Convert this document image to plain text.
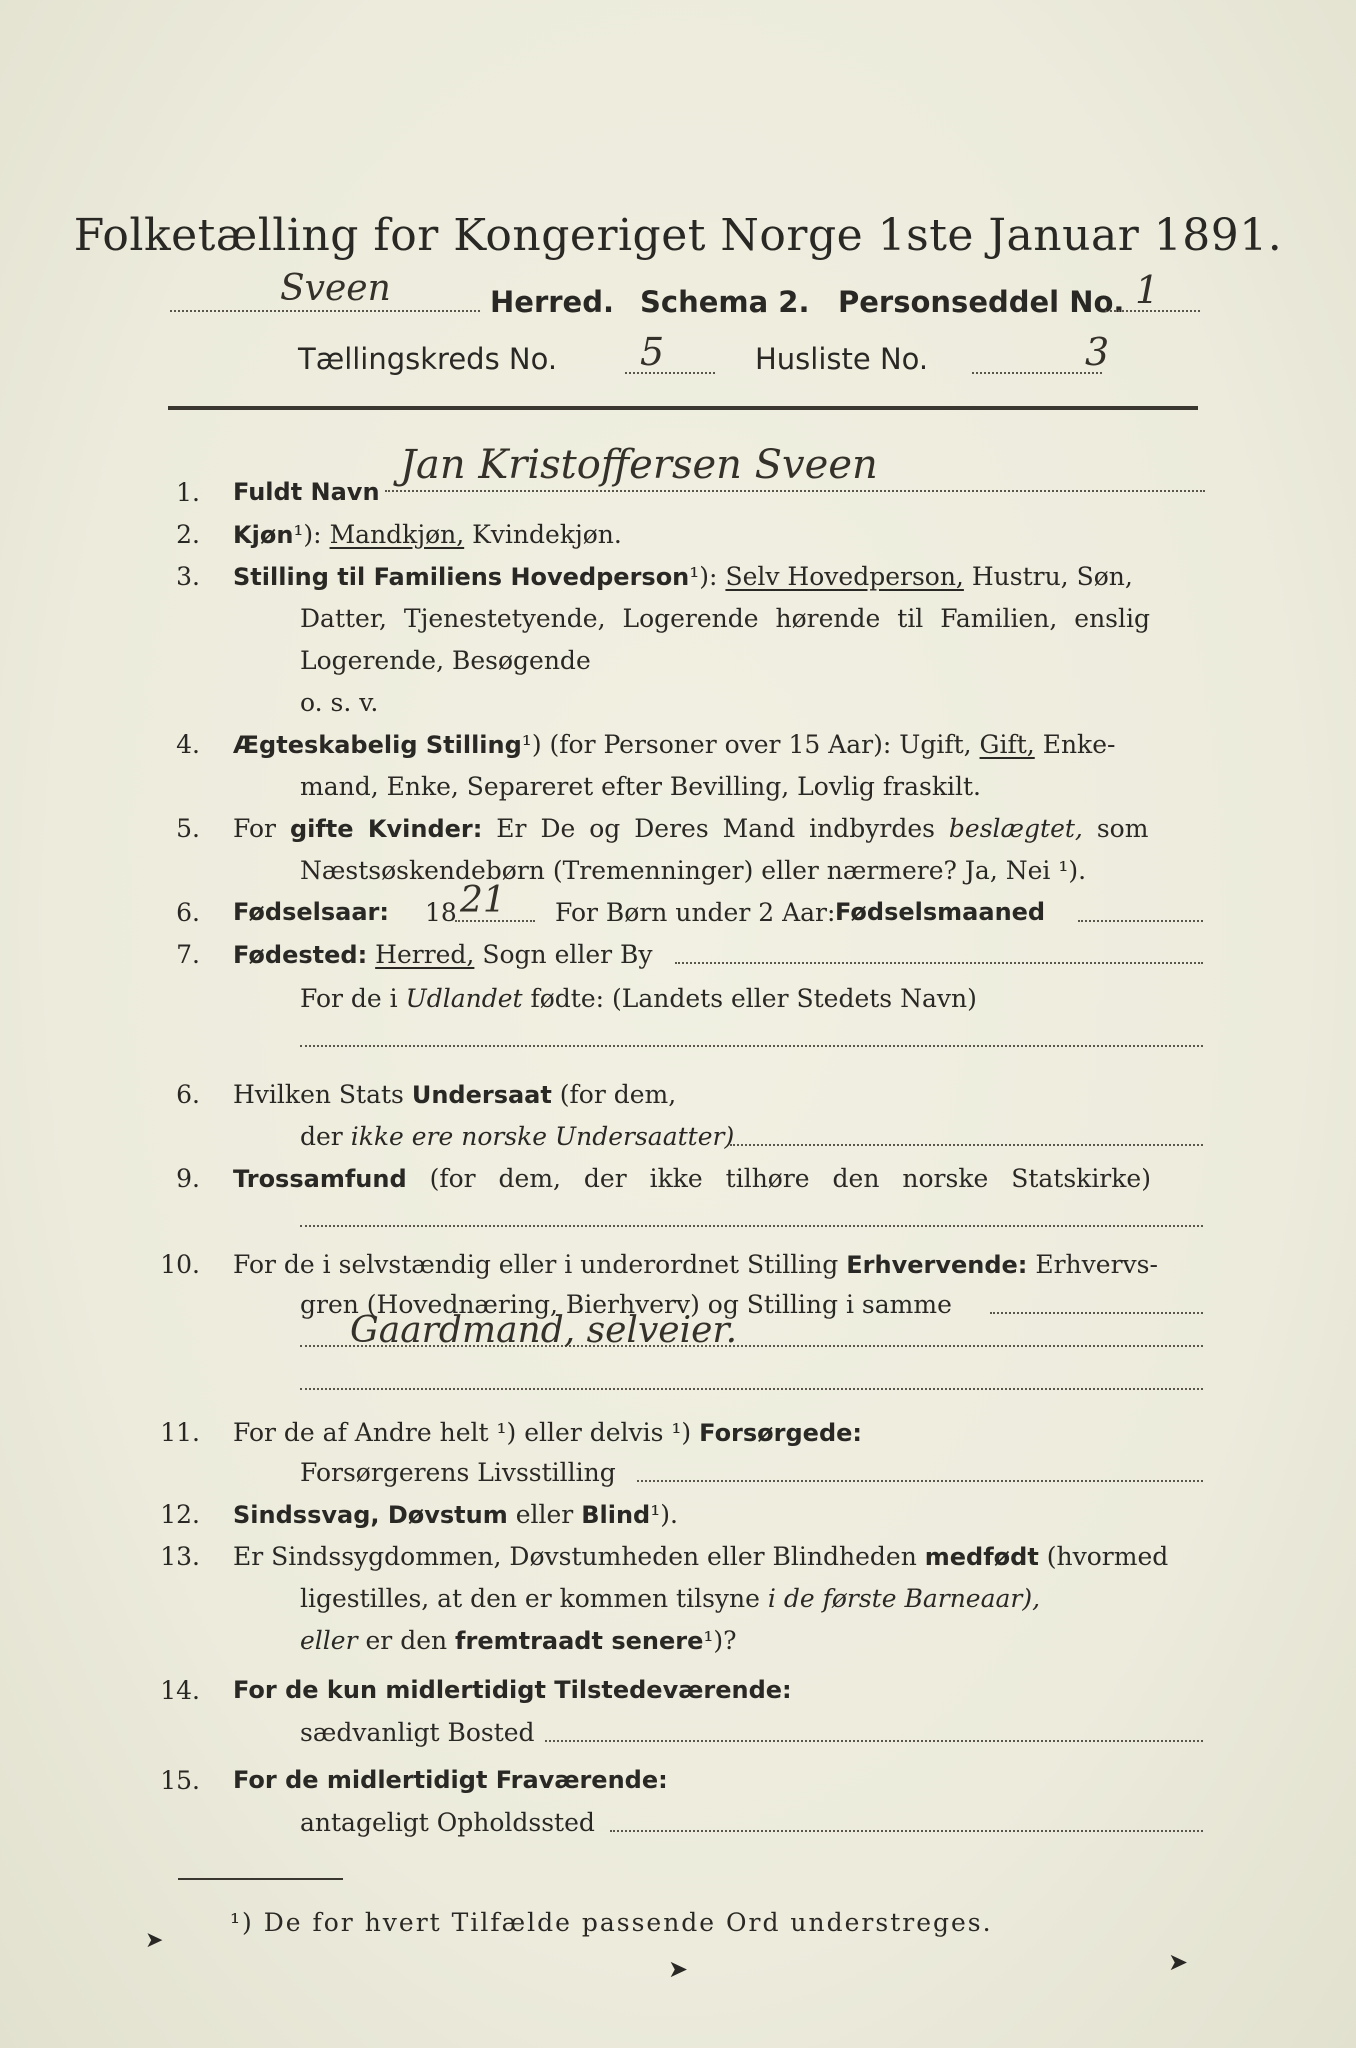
Folketælling for Kongeriget Norge 1ste Januar 1891.
Sveen	Herred. Schema 2. Personseddel No. 1
Tællingskreds No. 5	Husliste No.	3
1. Fuldt Navn
Jan Kristoffersen Sveen
2. Kjøn¹): Mandkjøn, Kvindekjøn.
3. Stilling til Familiens Hovedperson¹): Selv Hovedperson, Hustru, Søn,
Datter, Tjenestetyende, Logerende hørende til Familien, enslig
Logerende, Besøgende
o. s. v.
4. Ægteskabelig Stilling¹) (for Personer over 15 Aar): Ugift, Gift, Enke-
mand, Enke, Separeret efter Bevilling, Lovlig fraskilt.
5. For gifte Kvinder: Er De og Deres Mand indbyrdes beslægtet, som
Næstsøskendebørn (Tremenninger) eller nærmere? Ja, Nei ¹).
6. Fødselsaar: 18 21 For Børn under 2 Aar: Fødselsmaaned
7. Fødested: Herred, Sogn eller By
For de i Udlandet fødte: (Landets eller Stedets Navn)
6. Hvilken Stats Undersaat (for dem,
der ikke ere norske Undersaatter)
9. Trossamfund (for dem, der ikke tilhøre den norske Statskirke)
10. For de i selvstændig eller i underordnet Stilling Erhvervende: Erhvervs-
gren (Hovednæring, Bierhverv) og Stilling i samme
Gaardmand, selveier.
11. For de af Andre helt ¹) eller delvis ¹) Forsørgede:
Forsørgerens Livsstilling
12. Sindssvag, Døvstum eller Blind¹).
13. Er Sindssygdommen, Døvstumheden eller Blindheden medfødt (hvormed
ligestilles, at den er kommen tilsyne i de første Barneaar),
eller er den fremtraadt senere¹)?
14. For de kun midlertidigt Tilstedeværende:
sædvanligt Bosted
15. For de midlertidigt Fraværende:
antageligt Opholdssted
¹) De for hvert Tilfælde passende Ord understreges.
➤
➤	➤
